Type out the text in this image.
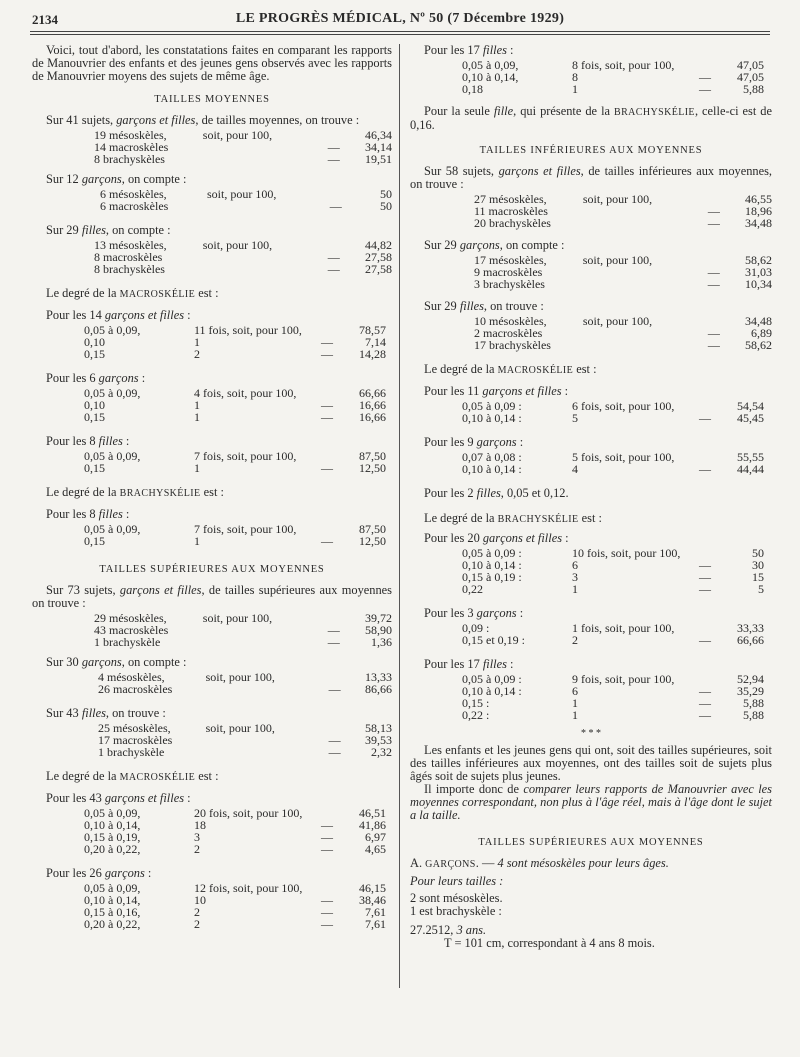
2134	LE PROGRÈS MÉDICAL, Nº 50 (7 Décembre 1929)

Voici, tout d'abord, les constatations faites en comparant les rapports de Manouvrier des enfants et des jeunes gens observés avec les rapports de Manouvrier moyens des sujets de même âge.

TAILLES MOYENNES

Sur 41 sujets, garçons et filles, de tailles moyennes, on trouve :

19 mésoskèles,	soit, pour 100,		46,34
14 macroskèles		—	34,14
8 brachyskèles		—	19,51

Sur 12 garçons, on compte :

6 mésoskèles,	soit, pour 100,		50
6 macroskèles		—	50

Sur 29 filles, on compte :

13 mésoskèles,	soit, pour 100,		44,82
8 macroskèles		—	27,58
8 brachyskèles		—	27,58

Le degré de la MACROSKÉLIE est :

Pour les 14 garçons et filles :

0,05 à 0,09,	11 fois, soit, pour 100,		78,57
0,10	1	—	7,14
0,15	2	—	14,28

Pour les 6 garçons :

0,05 à 0,09,	4 fois, soit, pour 100,		66,66
0,10	1	—	16,66
0,15	1	—	16,66

Pour les 8 filles :

0,05 à 0,09,	7 fois, soit, pour 100,		87,50
0,15	1	—	12,50

Le degré de la BRACHYSKÉLIE est :

Pour les 8 filles :

0,05 à 0,09,	7 fois, soit, pour 100,		87,50
0,15	1	—	12,50
TAILLES SUPÉRIEURES AUX MOYENNES

Sur 73 sujets, garçons et filles, de tailles supérieures aux moyennes on trouve :

29 mésoskèles,	soit, pour 100,		39,72
43 macroskèles		—	58,90
1 brachyskèle		—	1,36

Sur 30 garçons, on compte :

4 mésoskèles,	soit, pour 100,		13,33
26 macroskèles		—	86,66

Sur 43 filles, on trouve :

25 mésoskèles,	soit, pour 100,		58,13
17 macroskèles		—	39,53
1 brachyskèle		—	2,32

Le degré de la MACROSKÉLIE est :

Pour les 43 garçons et filles :

0,05 à 0,09,	20 fois, soit, pour 100,		46,51
0,10 à 0,14,	18	—	41,86
0,15 à 0,19,	3	—	6,97
0,20 à 0,22,	2	—	4,65

Pour les 26 garçons :

0,05 à 0,09,	12 fois, soit, pour 100,		46,15
0,10 à 0,14,	10	—	38,46
0,15 à 0,16,	2	—	7,61
0,20 à 0,22,	2	—	7,61

Pour les 17 filles :

0,05 à 0,09,	8 fois, soit, pour 100,		47,05
0,10 à 0,14,	8	—	47,05
0,18	1	—	5,88

Pour la seule fille, qui présente de la BRACHYSKÉLIE, celle-ci est de 0,16.

TAILLES INFÉRIEURES AUX MOYENNES

Sur 58 sujets, garçons et filles, de tailles inférieures aux moyennes, on trouve :

27 mésoskèles,	soit, pour 100,		46,55
11 macroskèles		—	18,96
20 brachyskèles		—	34,48

Sur 29 garçons, on compte :

17 mésoskèles,	soit, pour 100,		58,62
9 macroskèles		—	31,03
3 brachyskèles		—	10,34

Sur 29 filles, on trouve :

10 mésoskèles,	soit, pour 100,		34,48
2 macroskèles		—	6,89
17 brachyskèles		—	58,62

Le degré de la MACROSKÉLIE est :

Pour les 11 garçons et filles :

0,05 à 0,09 :	6 fois, soit, pour 100,		54,54
0,10 à 0,14 :	5	—	45,45

Pour les 9 garçons :

0,07 à 0,08 :	5 fois, soit, pour 100,		55,55
0,10 à 0,14 :	4	—	44,44

Pour les 2 filles, 0,05 et 0,12.

Le degré de la BRACHYSKÉLIE est :

Pour les 20 garçons et filles :

0,05 à 0,09 :	10 fois, soit, pour 100,		50
0,10 à 0,14 :	6	—	30
0,15 à 0,19 :	3	—	15
0,22	1	—	5

Pour les 3 garçons :

0,09 :	1 fois, soit, pour 100,		33,33
0,15 et 0,19 :	2	—	66,66

Pour les 17 filles :

0,05 à 0,09 :	9 fois, soit, pour 100,		52,94
0,10 à 0,14 :	6	—	35,29
0,15 :	1	—	5,88
0,22 :	1	—	5,88
* * *

Les enfants et les jeunes gens qui ont, soit des tailles supérieures, soit des tailles inférieures aux moyennes, ont des tailles soit de sujets plus âgés soit de sujets plus jeunes.

Il importe donc de comparer leurs rapports de Manouvrier avec les moyennes correspondant, non plus à l'âge réel, mais à l'âge dont le sujet a la taille.

TAILLES SUPÉRIEURES AUX MOYENNES

A. GARÇONS. — 4 sont mésoskèles pour leurs âges.

Pour leurs tailles :

2 sont mésoskèles.

1 est brachyskèle :

27.2512, 3 ans.

T = 101 cm, correspondant à 4 ans 8 mois.
